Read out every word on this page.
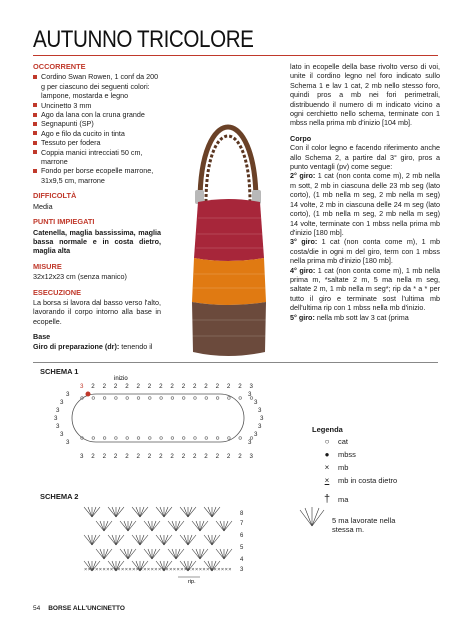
AUTUNNO TRICOLORE
OCCORRENTE
Cordino Swan Rowen, 1 conf da 200 g per ciascuno dei seguenti colori: lampone, mostarda e legno
Uncinetto 3 mm
Ago da lana con la cruna grande
Segnapunti (SP)
Ago e filo da cucito in tinta
Tessuto per fodera
Coppia manici intrecciati 50 cm, marrone
Fondo per borse ecopelle marrone, 31x9,5 cm, marrone
DIFFICOLTÀ
Media
PUNTI IMPIEGATI
Catenella, maglia bassissima, maglia bassa normale e in costa dietro, maglia alta
MISURE
32x12x23 cm (senza manico)
ESECUZIONE
La borsa si lavora dal basso verso l'alto, lavorando il corpo intorno alla base in ecopelle.
Base
Giro di preparazione (dr): tenendo il
lato in ecopelle della base rivolto verso di voi, unite il cordino legno nel foro indicato sullo Schema 1 e lav 1 cat, 2 mb nello stesso foro, quindi pros a mb nei fori perimetrali, distribuendo il numero di m indicato vicino a ogni cerchietto nello schema, terminate con 1 mbss nella prima mb d'inizio [104 mb].
Corpo
Con il color legno e facendo riferimento anche allo Schema 2, a partire dal 3° giro, pros a punto ventagli (pv) come segue:
2° giro: 1 cat (non conta come m), 2 mb nella m sott, 2 mb in ciascuna delle 23 mb seg (lato corto), (1 mb nella m seg, 2 mb nella m seg) 14 volte, 2 mb in ciascuna delle 24 m seg (lato corto), (1 mb nella m seg, 2 mb nella m seg) 14 volte, terminate con 1 mbss nella prima mb d'inizio [180 mb].
3° giro: 1 cat (non conta come m), 1 mb costa/die in ogni m del giro, term con 1 mbss nella prima mb d'inizio [180 mb].
4° giro: 1 cat (non conta come m), 1 mb nella prima m, *saltate 2 m, 5 ma nella m seg, saltate 2 m, 1 mb nella m seg*; rip da * a * per tutto il giro e terminate sost l'ultima mb dell'ultima rip con 1 mbss nella mb d'inizio.
5° giro: nella mb sott lav 3 cat (prima
SCHEMA 1
inizio
3 2 2 2 2 2 2 2 2 2 2 2 2 2 2 3
3 2 2 2 2 2 2 2 2 2 2 2 2 2 2 3
3
3
3
3
3
3
3
3
3
3
3
3
3
3
SCHEMA 2
× × × × × × × × × × × × × × × × × × × × × × × × × × × × × × × × × × × × × × × ×
8
7
6
5
4
3
rip.
Legenda
○	cat
●	mbss
×	mb
×	mb in costa dietro
† ma
5 ma lavorate nella stessa m.
54 BORSE ALL'UNCINETTO
